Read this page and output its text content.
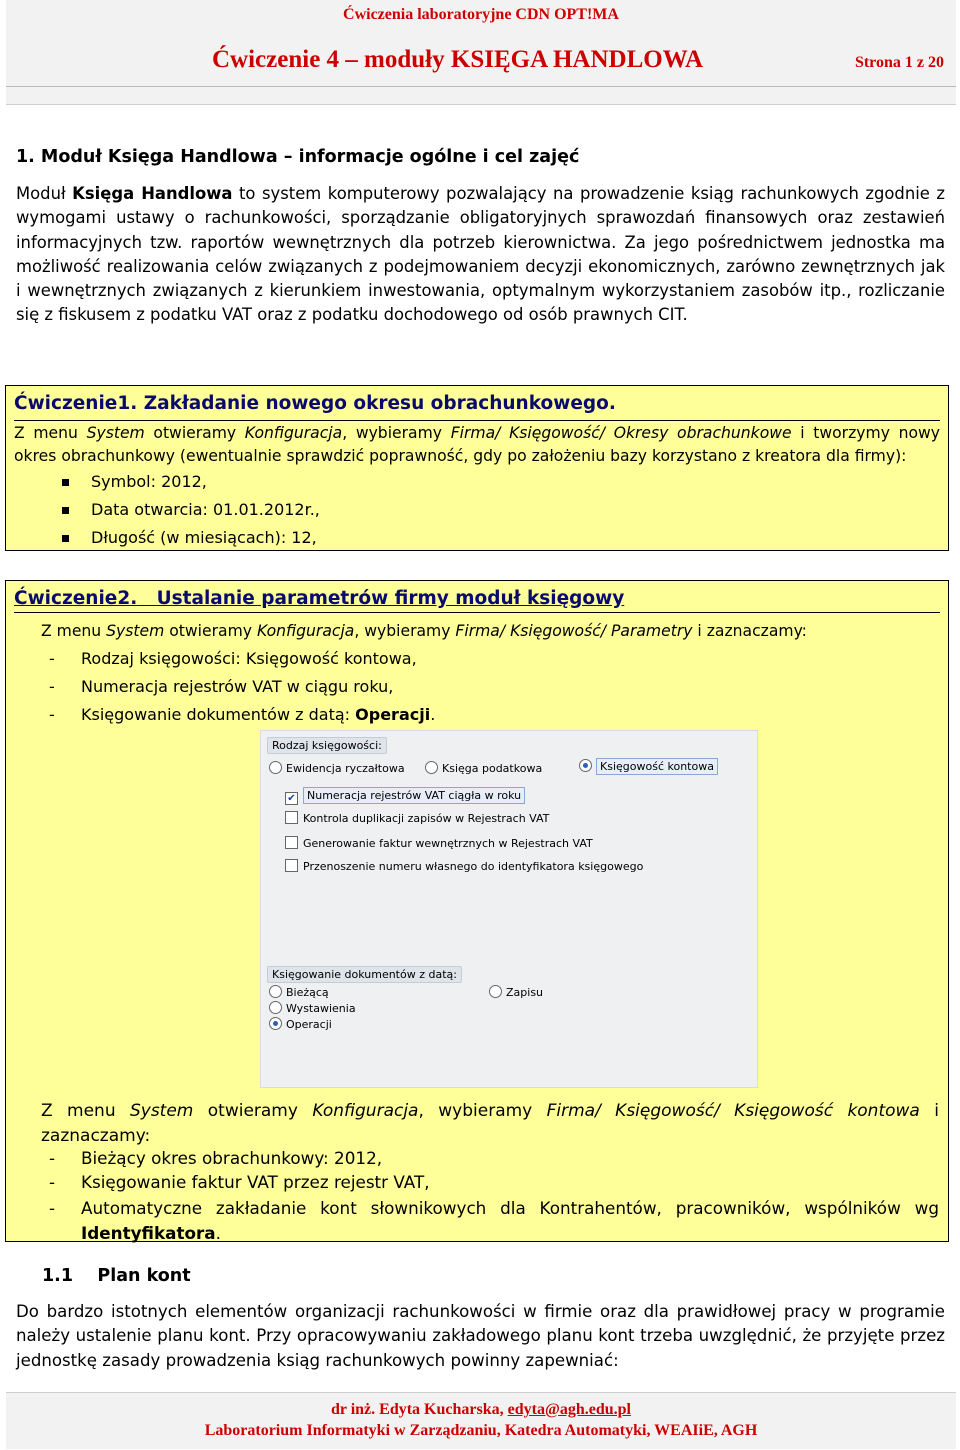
Ćwiczenia laboratoryjne CDN OPT!MA
Ćwiczenie 4 – moduły KSIĘGA HANDLOWA	Strona 1 z 20
1. Moduł Księga Handlowa – informacje ogólne i cel zajęć
Moduł Księga Handlowa to system komputerowy pozwalający na prowadzenie ksiąg rachunkowych zgodnie z wymogami ustawy o rachunkowości, sporządzanie obligatoryjnych sprawozdań finansowych oraz zestawień informacyjnych tzw. raportów wewnętrznych dla potrzeb kierownictwa. Za jego pośrednictwem jednostka ma możliwość realizowania celów związanych z podejmowaniem decyzji ekonomicznych, zarówno zewnętrznych jak i wewnętrznych związanych z kierunkiem inwestowania, optymalnym wykorzystaniem zasobów itp., rozliczanie się z fiskusem z podatku VAT oraz z podatku dochodowego od osób prawnych CIT.
Ćwiczenie1. Zakładanie nowego okresu obrachunkowego.
Z menu System otwieramy Konfiguracja, wybieramy Firma/ Księgowość/ Okresy obrachunkowe i tworzymy nowy okres obrachunkowy (ewentualnie sprawdzić poprawność, gdy po założeniu bazy korzystano z kreatora dla firmy):
Symbol: 2012,
Data otwarcia: 01.01.2012r.,
Długość (w miesiącach): 12,
Ćwiczenie2. Ustalanie parametrów firmy moduł księgowy
Z menu System otwieramy Konfiguracja, wybieramy Firma/ Księgowość/ Parametry i zaznaczamy:
- Rodzaj księgowości: Księgowość kontowa,
- Numeracja rejestrów VAT w ciągu roku,
- Księgowanie dokumentów z datą: Operacji.
Z menu System otwieramy Konfiguracja, wybieramy Firma/ Księgowość/ Księgowość kontowa i zaznaczamy:
- Bieżący okres obrachunkowy: 2012,
- Księgowanie faktur VAT przez rejestr VAT,
-	Automatyczne zakładanie kont słownikowych dla Kontrahentów, pracowników, wspólników wg Identyfikatora.
Rodzaj księgowości:
Ewidencja ryczałtowa	Księga podatkowa	Księgowość kontowa
✔ Numeracja rejestrów VAT ciągła w roku
Kontrola duplikacji zapisów w Rejestrach VAT
Generowanie faktur wewnętrznych w Rejestrach VAT
Przenoszenie numeru własnego do identyfikatora księgowego
Księgowanie dokumentów z datą:
Bieżącą
Wystawienia
Operacji
Zapisu
1.1 Plan kont
Do bardzo istotnych elementów organizacji rachunkowości w firmie oraz dla prawidłowej pracy w programie należy ustalenie planu kont. Przy opracowywaniu zakładowego planu kont trzeba uwzględnić, że przyjęte przez jednostkę zasady prowadzenia ksiąg rachunkowych powinny zapewniać:
dr inż. Edyta Kucharska, edyta@agh.edu.pl
Laboratorium Informatyki w Zarządzaniu, Katedra Automatyki, WEAIiE, AGH
